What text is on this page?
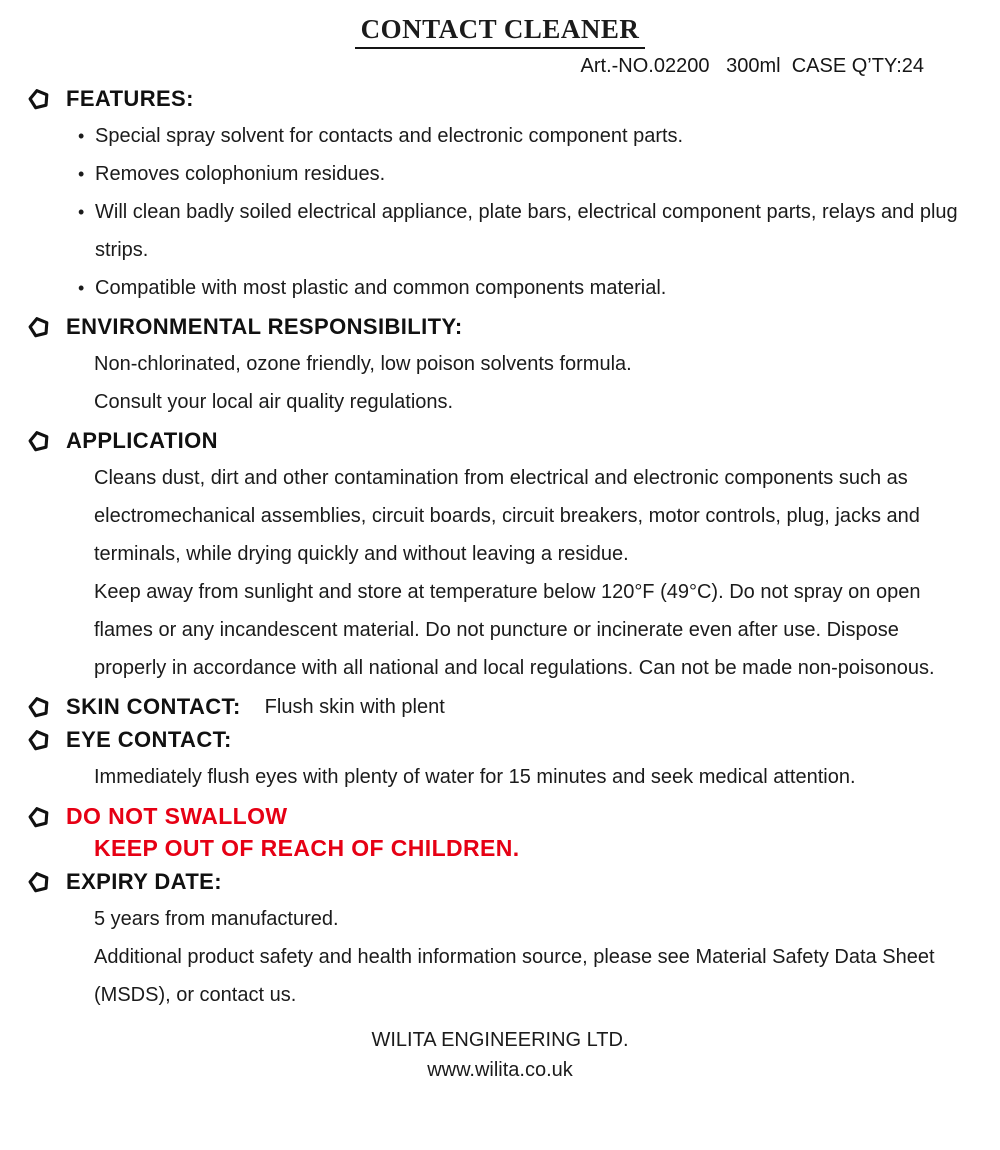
CONTACT CLEANER
Art.-NO.02200   300ml  CASE Q’TY:24
FEATURES:
• Special spray solvent for contacts and electronic component parts.
• Removes colophonium residues.
• Will clean badly soiled electrical appliance, plate bars, electrical component parts, relays and plug strips.
• Compatible with most plastic and common components material.
ENVIRONMENTAL RESPONSIBILITY:

Non-chlorinated, ozone friendly, low poison solvents formula.

Consult your local air quality regulations.

APPLICATION

Cleans dust, dirt and other contamination from electrical and electronic components such as electromechanical assemblies, circuit boards, circuit breakers, motor controls, plug, jacks and terminals, while drying quickly and without leaving a residue.

Keep away from sunlight and store at temperature below 120°F (49°C). Do not spray on open flames or any incandescent material. Do not puncture or incinerate even after use. Dispose properly in accordance with all national and local regulations. Can not be made non-poisonous.

SKIN CONTACT: Flush skin with plent
EYE CONTACT:

Immediately flush eyes with plenty of water for 15 minutes and seek medical attention.

DO NOT SWALLOW
KEEP OUT OF REACH OF CHILDREN.
EXPIRY DATE:

5 years from manufactured.

Additional product safety and health information source, please see Material Safety Data Sheet (MSDS), or contact us.

WILITA ENGINEERING LTD.
www.wilita.co.uk
